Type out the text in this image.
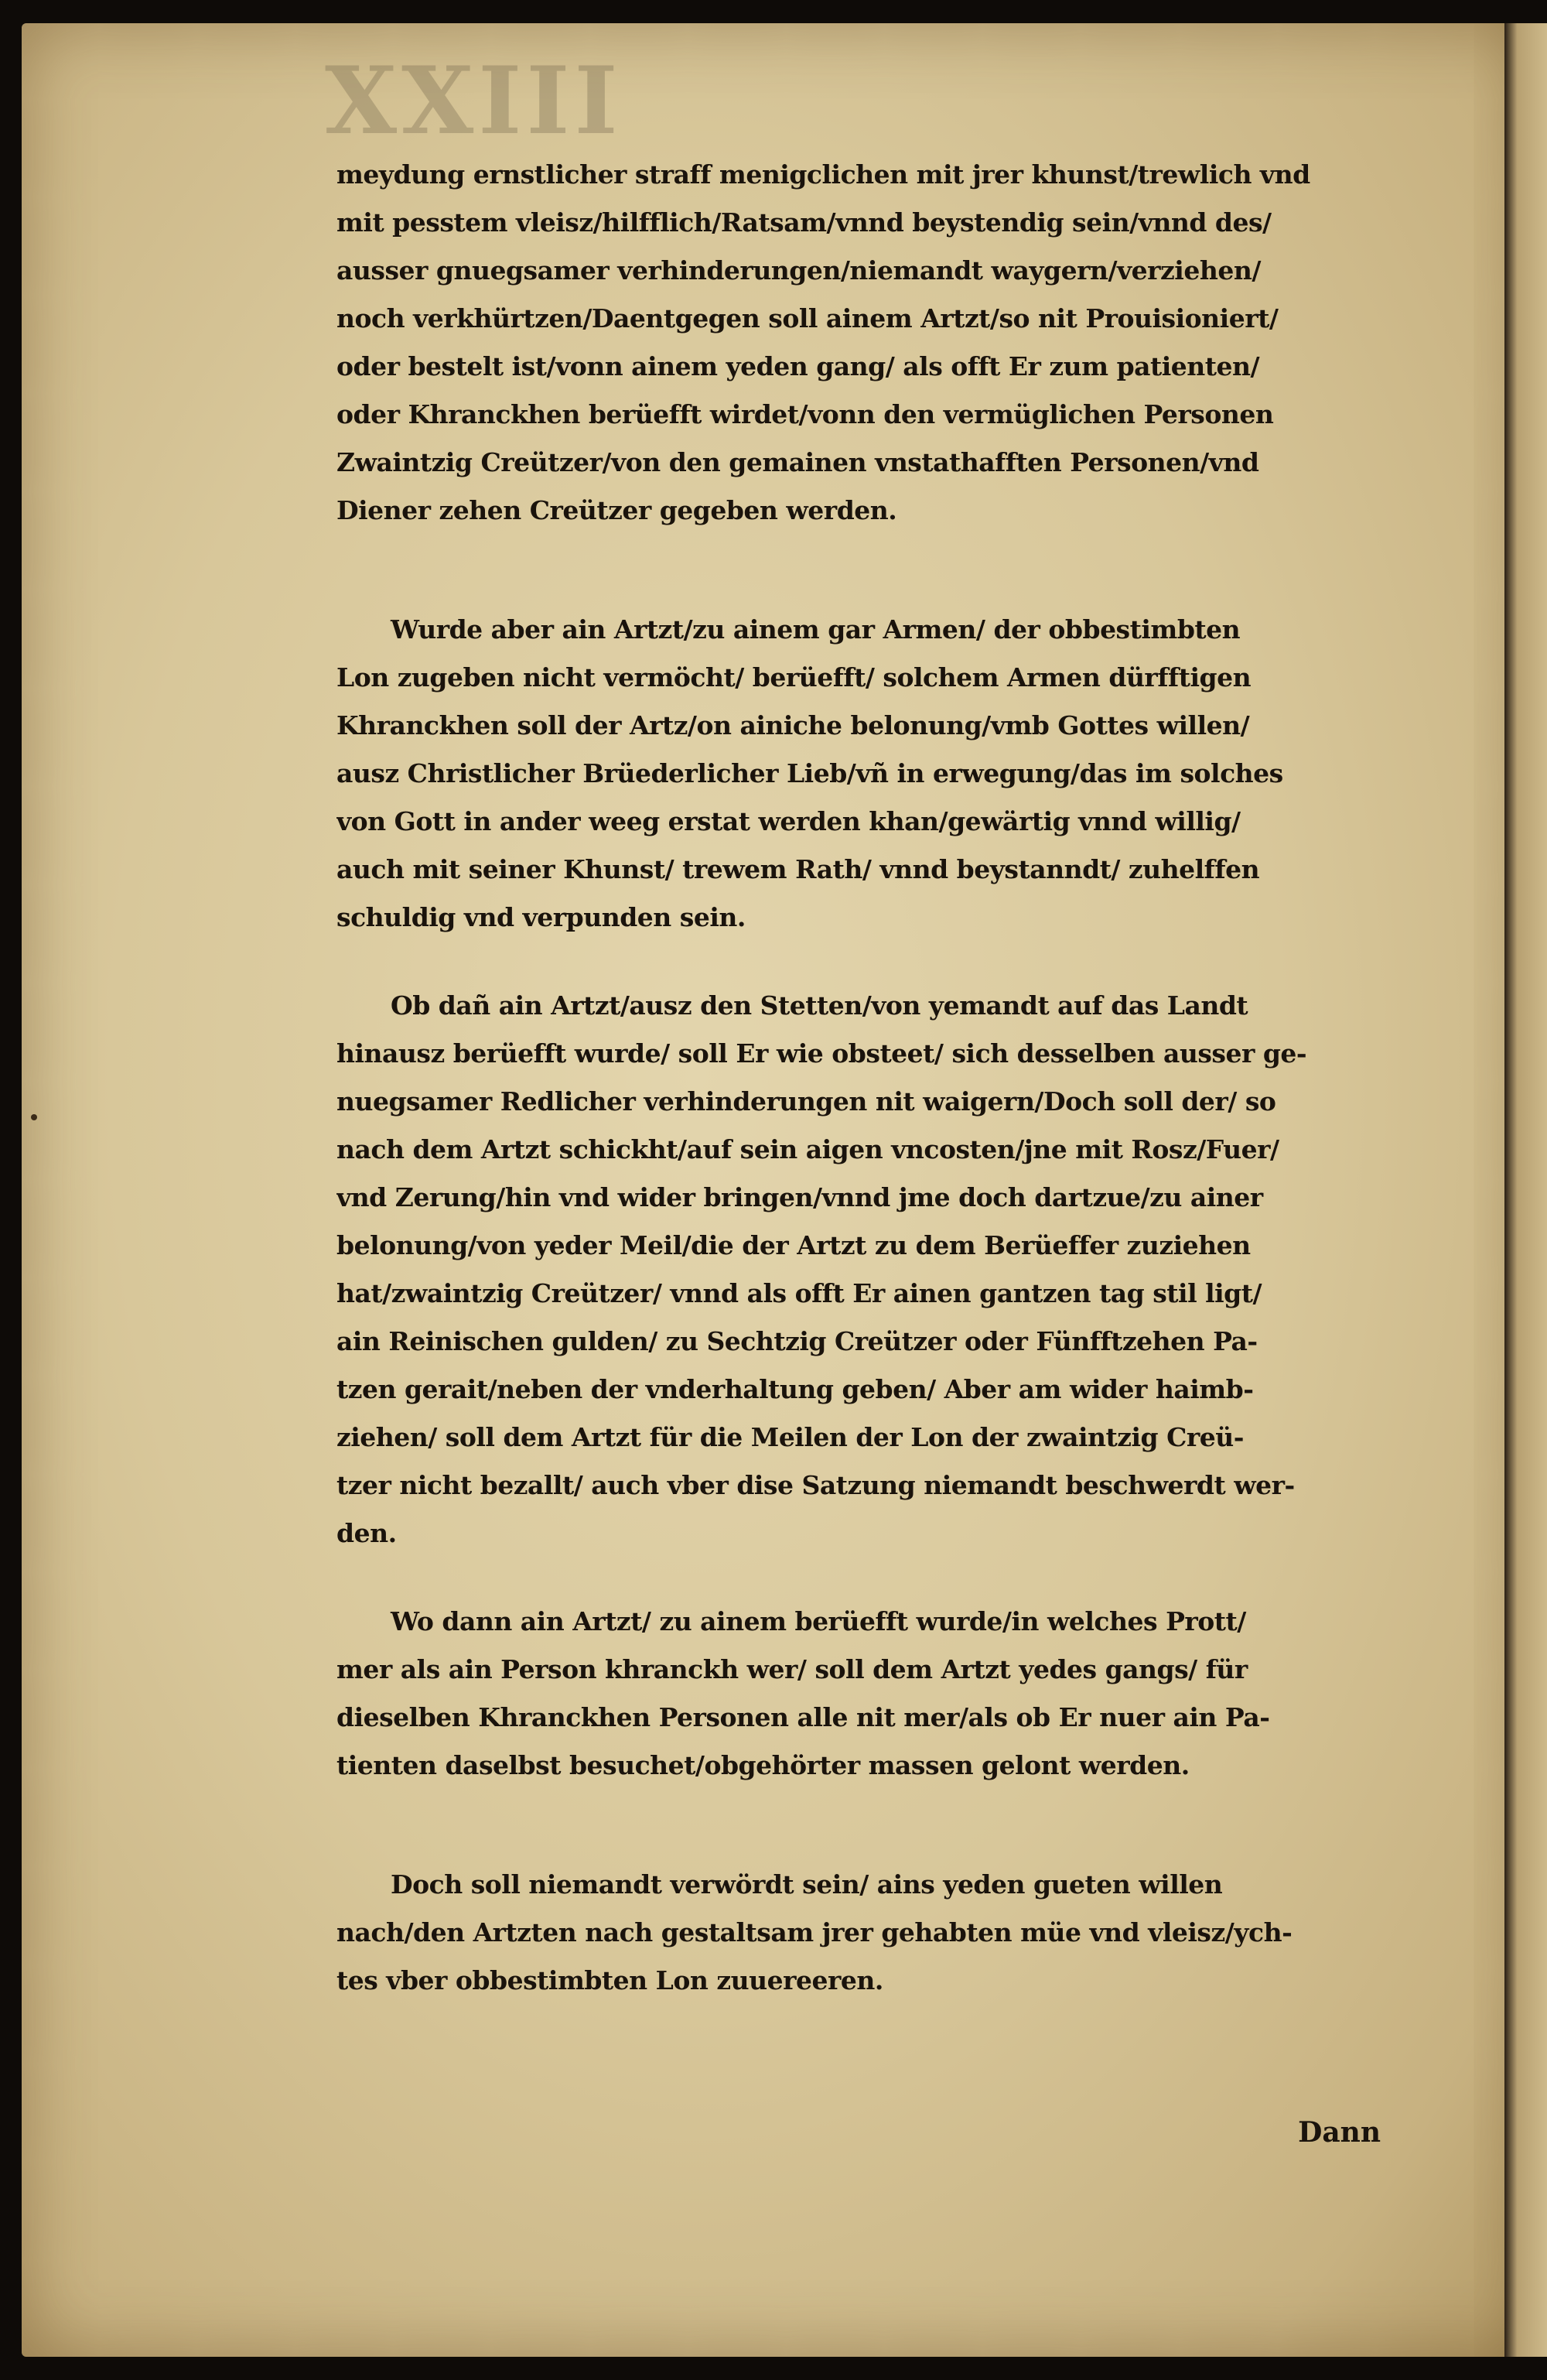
XXIII
meydung ernstlicher straff menigclichen mit jrer khunst/trewlich vnd
mit pesstem vleisz/hilfflich/Ratsam/vnnd beystendig sein/vnnd des/
ausser gnuegsamer verhinderungen/niemandt waygern/verziehen/
noch verkhürtzen/Daentgegen soll ainem Artzt/so nit Prouisioniert/
oder bestelt ist/vonn ainem yeden gang/ als offt Er zum patienten/
oder Khranckhen berüefft wirdet/vonn den vermüglichen Personen
Zwaintzig Creützer/von den gemainen vnstathafften Personen/vnd
Diener zehen Creützer gegeben werden.
Wurde aber ain Artzt/zu ainem gar Armen/ der obbestimbten
Lon zugeben nicht vermöcht/ berüefft/ solchem Armen dürfftigen
Khranckhen soll der Artz/on ainiche belonung/vmb Gottes willen/
ausz Christlicher Brüederlicher Lieb/vñ in erwegung/das im solches
von Gott in ander weeg erstat werden khan/gewärtig vnnd willig/
auch mit seiner Khunst/ trewem Rath/ vnnd beystanndt/ zuhelffen
schuldig vnd verpunden sein.
Ob dañ ain Artzt/ausz den Stetten/von yemandt auf das Landt
hinausz berüefft wurde/ soll Er wie obsteet/ sich desselben ausser ge-
nuegsamer Redlicher verhinderungen nit waigern/Doch soll der/ so
nach dem Artzt schickht/auf sein aigen vncosten/jne mit Rosz/Fuer/
vnd Zerung/hin vnd wider bringen/vnnd jme doch dartzue/zu ainer
belonung/von yeder Meil/die der Artzt zu dem Berüeffer zuziehen
hat/zwaintzig Creützer/ vnnd als offt Er ainen gantzen tag stil ligt/
ain Reinischen gulden/ zu Sechtzig Creützer oder Fünfftzehen Pa-
tzen gerait/neben der vnderhaltung geben/ Aber am wider haimb-
ziehen/ soll dem Artzt für die Meilen der Lon der zwaintzig Creü-
tzer nicht bezallt/ auch vber dise Satzung niemandt beschwerdt wer-
den.
Wo dann ain Artzt/ zu ainem berüefft wurde/in welches Prott/
mer als ain Person khranckh wer/ soll dem Artzt yedes gangs/ für
dieselben Khranckhen Personen alle nit mer/als ob Er nuer ain Pa-
tienten daselbst besuchet/obgehörter massen gelont werden.
Doch soll niemandt verwördt sein/ ains yeden gueten willen
nach/den Artzten nach gestaltsam jrer gehabten müe vnd vleisz/ych-
tes vber obbestimbten Lon zuuereeren.
Dann
